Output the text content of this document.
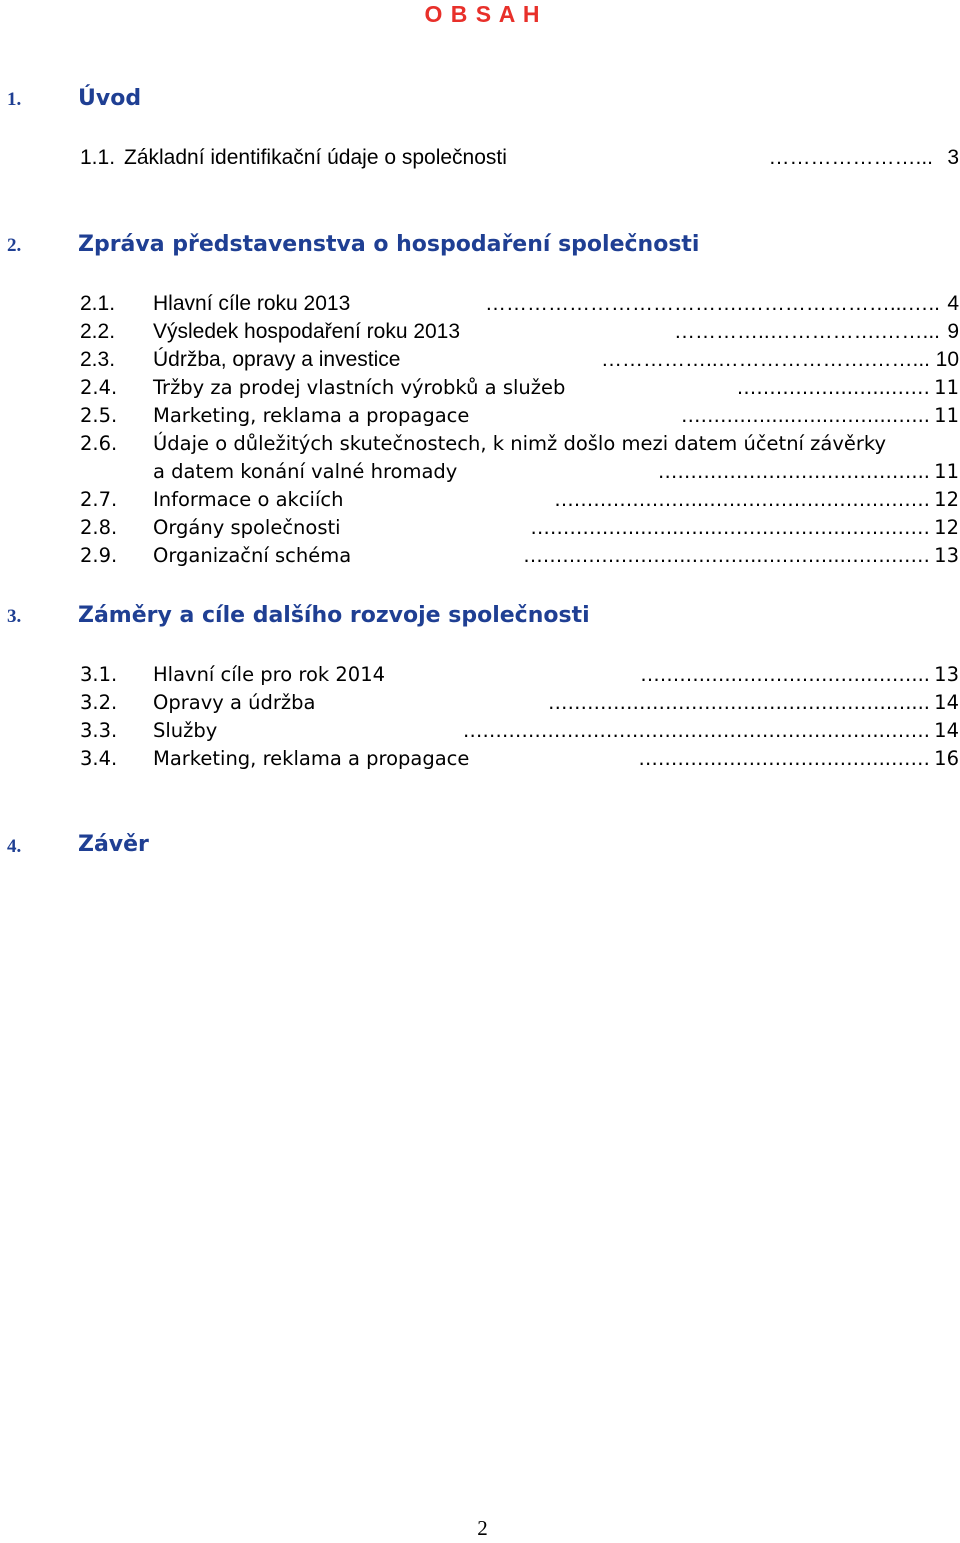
O B S A H
1.	Úvod
1.1. Základní identifikační údaje o společnosti	…………………... 3
2.	Zpráva představenstva o hospodaření společnosti
2.1. Hlavní cíle roku 2013	……………………………….…………………...….. 4
2.2. Výsledek hospodaření roku 2013	…………..…………….……... 9
2.3. Údržba, opravy a investice	……………..………………….……... 10
2.4. Tržby za prodej vlastních výrobků a služeb	……………...…...…… 11
2.5. Marketing, reklama a propagace	……….….....…...……...…... 11
2.6. Údaje o důležitých skutečnostech, k nimž došlo mezi datem účetní závěrky
a datem konání valné hromady	…………………………………... 11
2.7. Informace o akciích	…………………...……………………………. 12
2.8. Orgány společnosti	……………...…..…...………………..…….…… 12
2.9. Organizační schéma	……………………..………...………...…….…… 13
3.	Záměry a cíle dalšího rozvoje společnosti
3.1. Hlavní cíle pro rok 2014	……….…..………….……..……... 13
3.2. Opravy a údržba	…………………………………………….….... 14
3.3. Služby	………………………………………………………..……. 14
3.4. Marketing, reklama a propagace	………….……………………..…… 16
4.	Závěr
2
